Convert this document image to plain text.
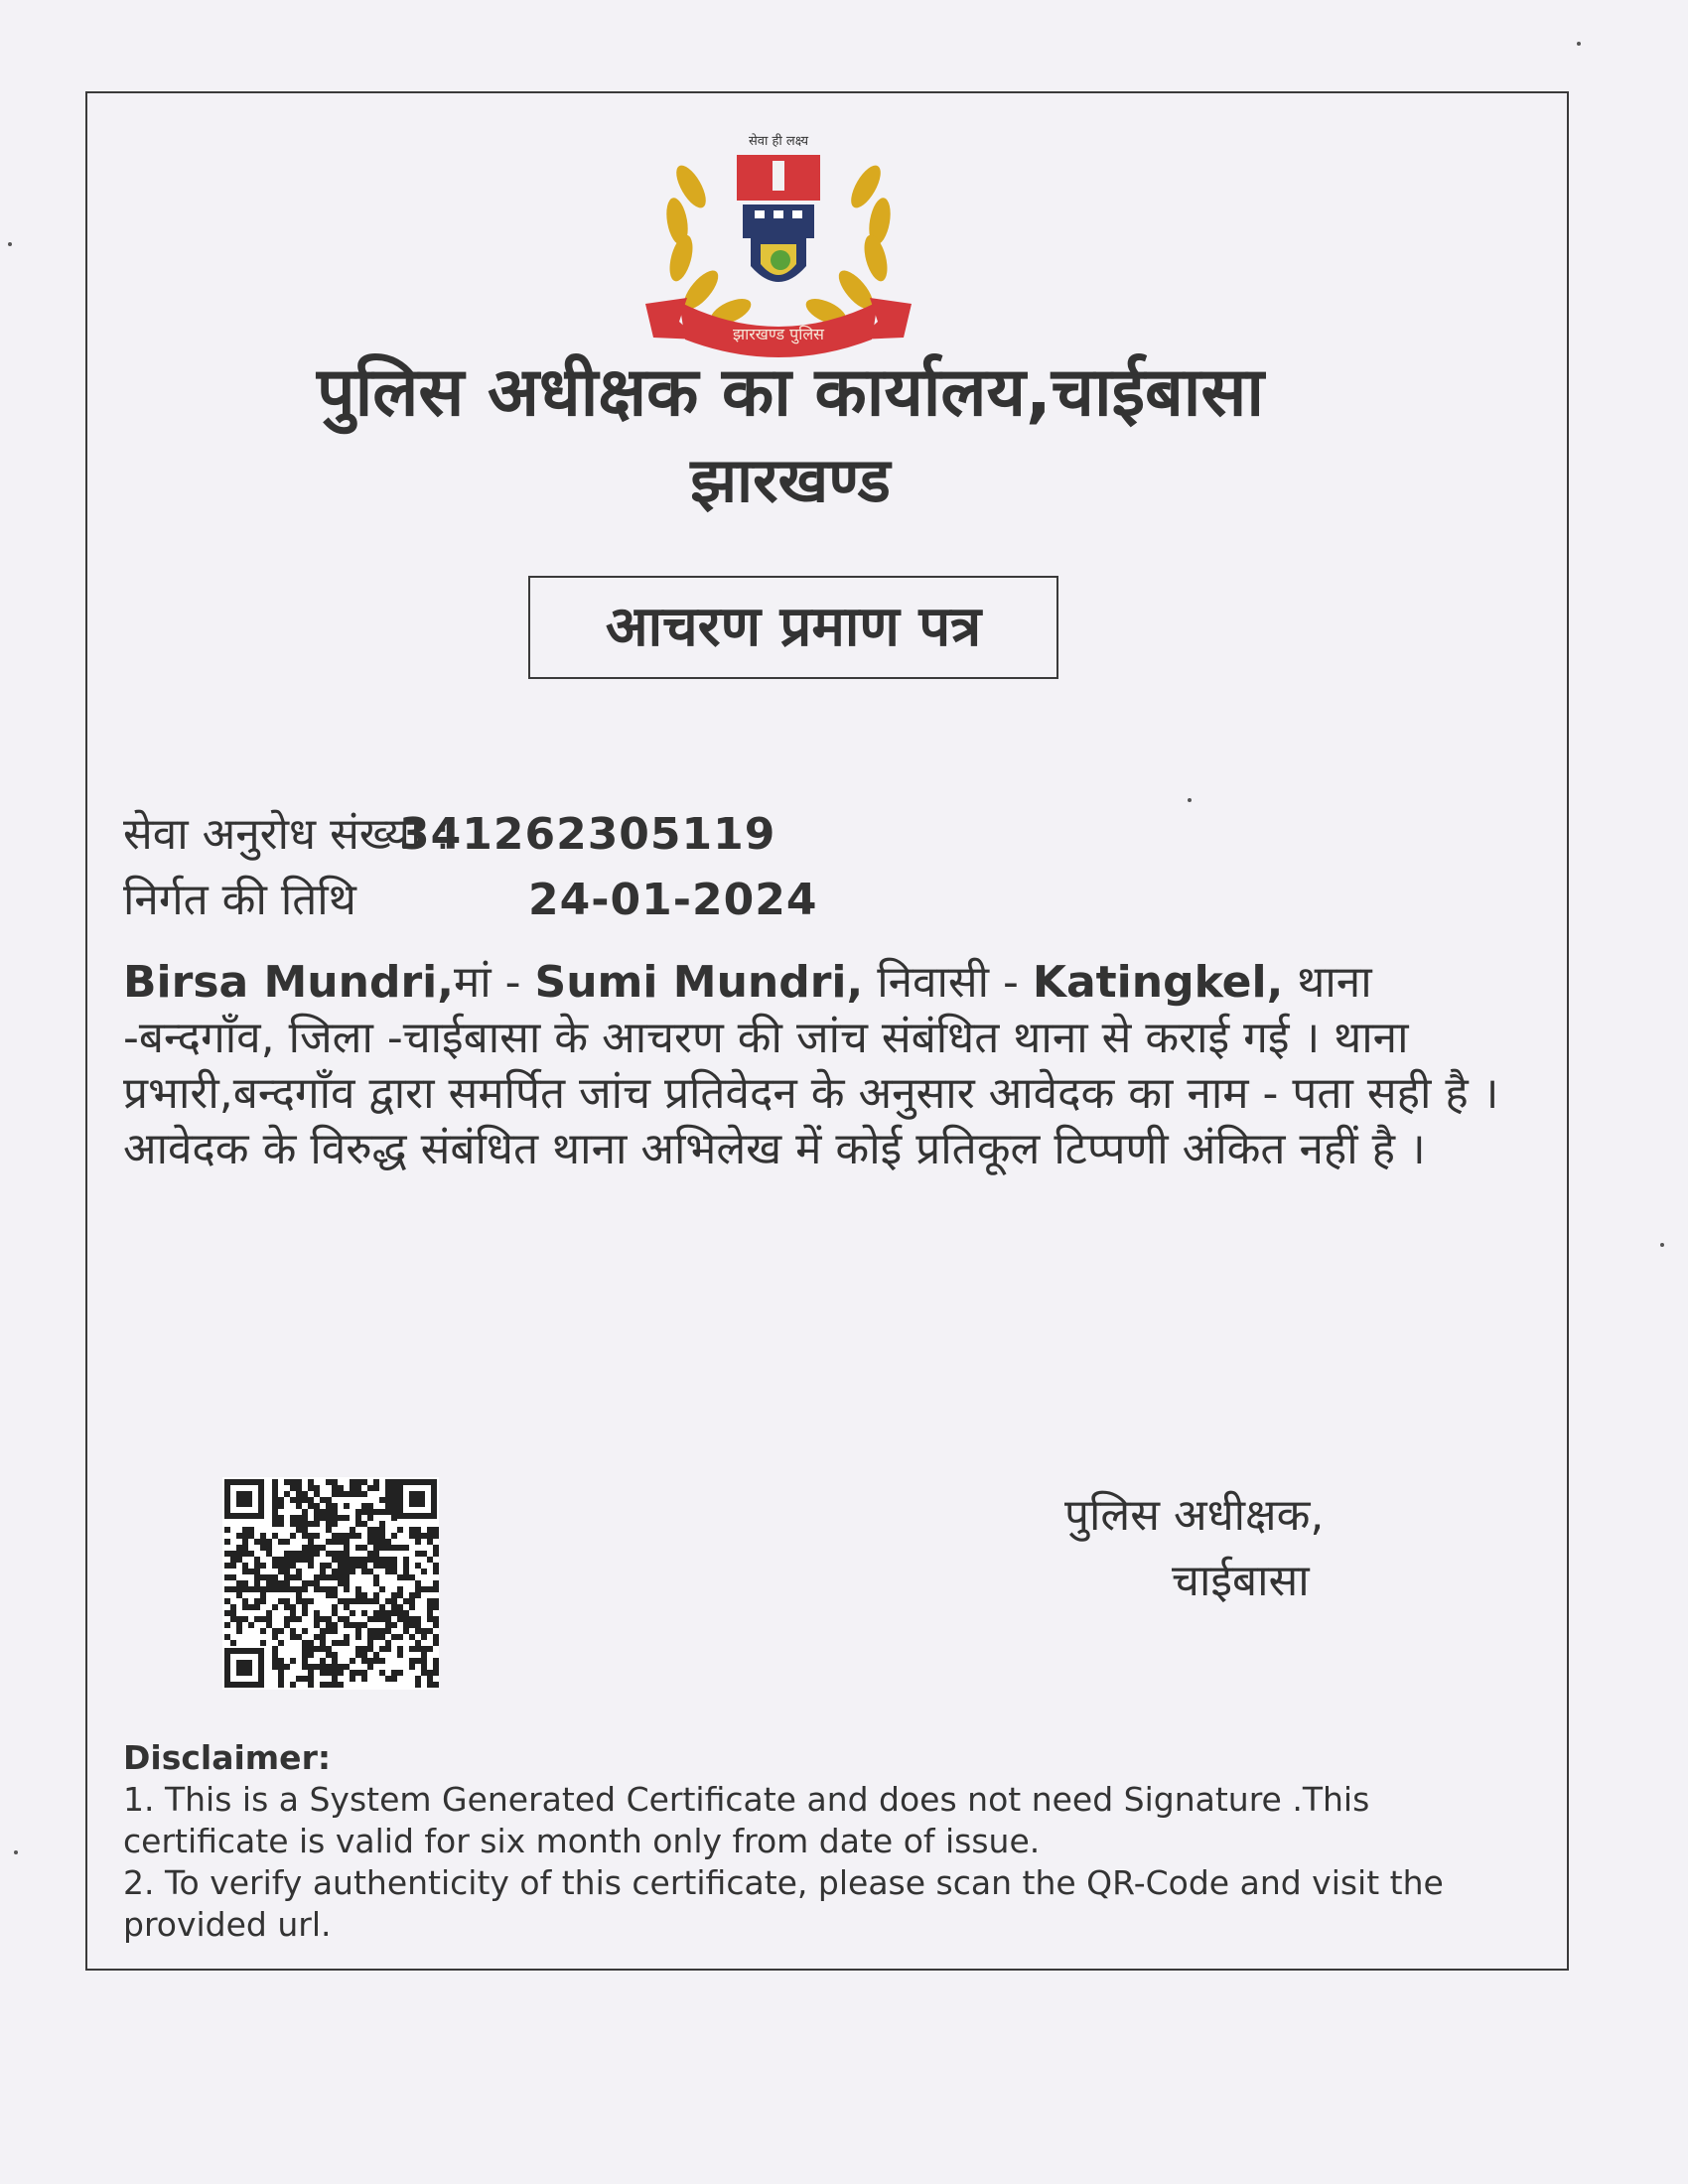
सेवा ही लक्ष्य
झारखण्ड पुलिस
पुलिस अधीक्षक का कार्यालय,चाईबासा
झारखण्ड
आचरण प्रमाण पत्र
सेवा अनुरोध संख्या :341262305119
निर्गत की तिथि	24-01-2024
Birsa Mundri,मां - Sumi Mundri, निवासी - Katingkel, थाना -बन्दगाँव, जिला -चाईबासा के आचरण की जांच संबंधित थाना से कराई गई । थाना प्रभारी,बन्दगाँव द्वारा समर्पित जांच प्रतिवेदन के अनुसार आवेदक का नाम - पता सही है । आवेदक के विरुद्ध संबंधित थाना अभिलेख में कोई प्रतिकूल टिप्पणी अंकित नहीं है ।
पुलिस अधीक्षक,
चाईबासा
Disclaimer:
1. This is a System Generated Certificate and does not need Signature .This certificate is valid for six month only from date of issue.
2. To verify authenticity of this certificate, please scan the QR-Code and visit the provided url.
